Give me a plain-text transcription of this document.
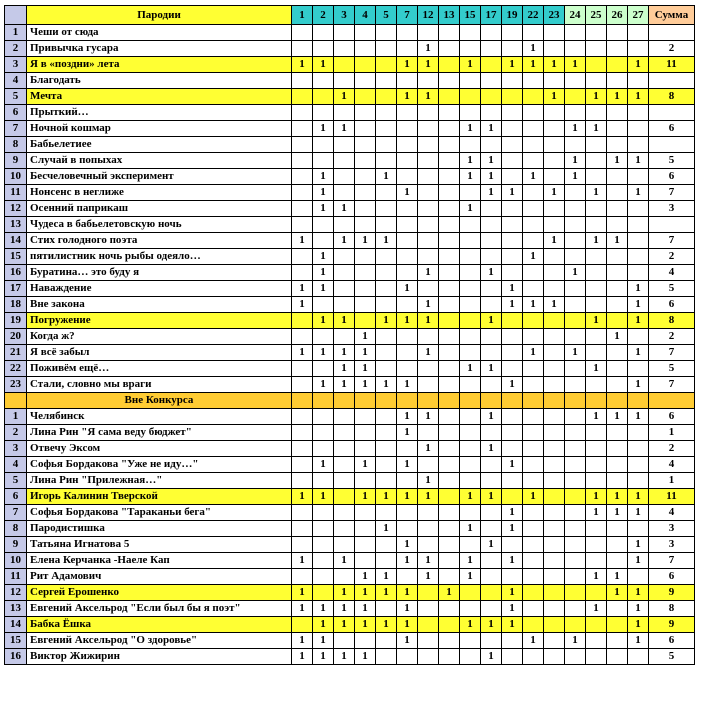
	Пародии	1	2	3	4	5	7	12	13	15	17	19	22	23	24	25	26	27	Сумма
1	Чеши от сюда																		
2	Привычка гусара							1					1						2
3	Я в «поздни» лета	1	1				1	1		1		1	1	1	1			1	11
4	Благодать																		
5	Мечта			1			1	1						1		1	1	1	8
6	Прыткий…																		
7	Ночной кошмар		1	1						1	1				1	1			6
8	Бабьелетиее																		
9	Случай в попыхах									1	1				1		1	1	5
10	Бесчеловечный эксперимент		1			1				1	1		1		1				6
11	Нонсенс в неглиже		1				1				1	1		1		1		1	7
12	Осенний паприкаш		1	1						1									3
13	Чудеса в бабьелетовскую ночь																		
14	Стих голодного поэта	1		1	1	1								1		1	1		7
15	пятилистник ночь рыбы одеяло…		1										1						2
16	Буратина… это буду я		1					1			1				1				4
17	Наваждение	1	1				1					1						1	5
18	Вне закона	1						1				1	1	1				1	6
19	Погружение		1	1		1	1	1			1					1		1	8
20	Когда ж?				1												1		2
21	Я всё забыл	1	1	1	1			1					1		1			1	7
22	Поживём ещё…			1	1					1	1					1			5
23	Стали, словно мы враги		1	1	1	1	1					1						1	7
	Вне Конкурса																		
1	Челябинск						1	1			1					1	1	1	6
2	Лина Рин "Я сама веду бюджет"						1												1
3	Отвечу Эксом							1			1								2
4	Софья Бордакова "Уже не иду…"		1		1		1					1							4
5	Лина Рин "Прилежная…"							1											1
6	Игорь Калинин Тверской	1	1		1	1	1	1		1	1		1			1	1	1	11
7	Софья Бордакова "Тараканьи бега"											1				1	1	1	4
8	Пародистишка					1				1		1							3
9	Татьяна Игнатова 5						1				1							1	3
10	Елена Керчанка -Наеле Кап	1		1			1	1		1		1						1	7
11	Рит Адамович				1	1		1		1						1	1		6
12	Сергей Ерошенко	1		1	1	1	1		1			1					1	1	9
13	Евгений Аксельрод "Если был бы я поэт"	1	1	1	1		1					1				1		1	8
14	Бабка Ёшка		1	1	1	1	1			1	1	1						1	9
15	Евгений Аксельрод "О здоровье"	1	1				1						1		1			1	6
16	Виктор Жижирин	1	1	1	1						1								5
